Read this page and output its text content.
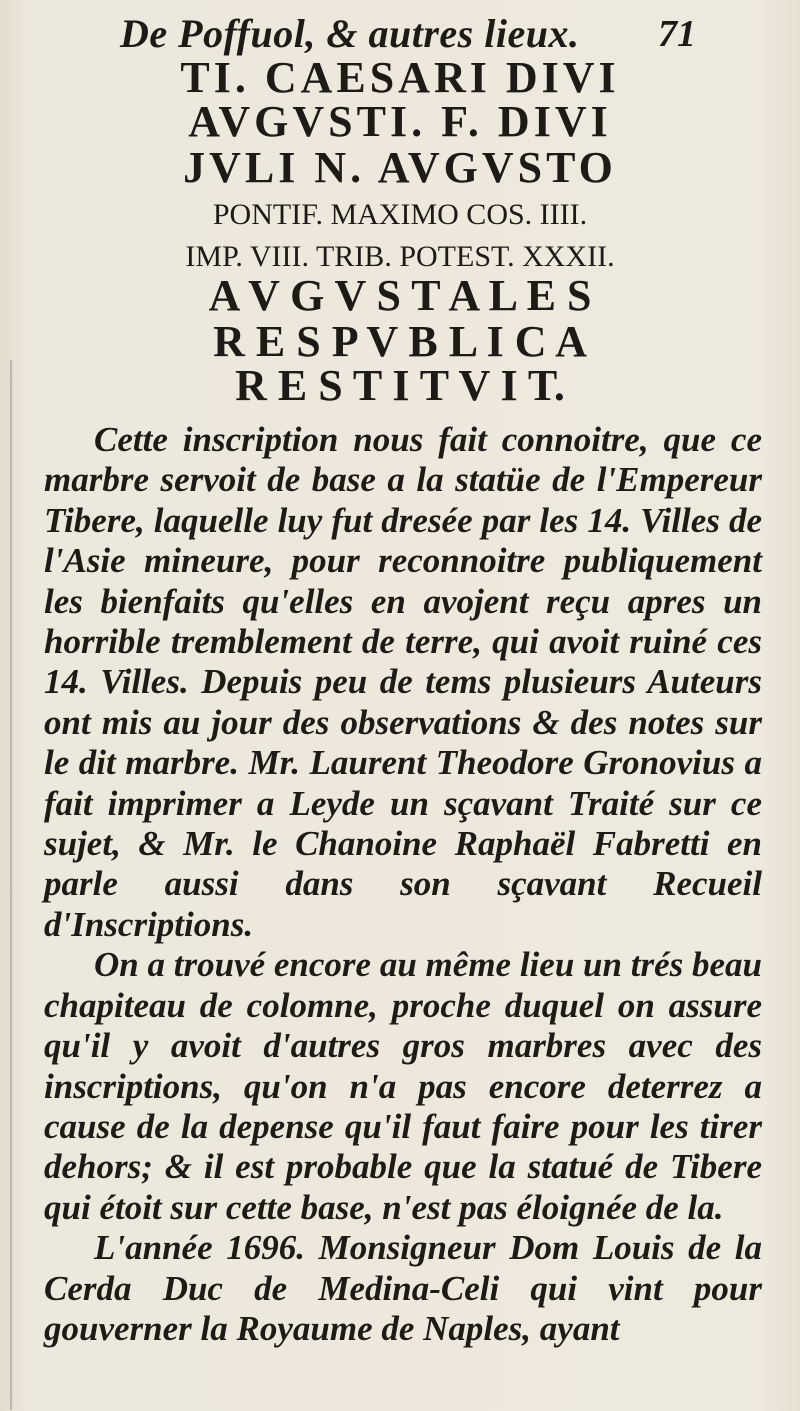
De Poffuol, & autres lieux. 71
TI. CAESARI DIVI
AVGVSTI. F. DIVI
JVLI N. AVGVSTO
PONTIF. MAXIMO COS. IIII.
IMP. VIII. TRIB. POTEST. XXXII.
A V G V S T A L E S
R E S P V B L I C A
R E S T I T V I T.

Cette inscription nous fait connoitre, que ce marbre servoit de base a la statüe de l'Empereur Tibere, laquelle luy fut dresée par les 14. Villes de l'Asie mineure, pour reconnoitre publiquement les bienfaits qu'elles en avojent reçu apres un horrible tremblement de terre, qui avoit ruiné ces 14. Villes. Depuis peu de tems plusieurs Auteurs ont mis au jour des observations & des notes sur le dit marbre. Mr. Laurent Theodore Gronovius a fait imprimer a Leyde un sçavant Traité sur ce sujet, & Mr. le Chanoine Raphaël Fabretti en parle aussi dans son sçavant Recueil d'Inscriptions.

On a trouvé encore au même lieu un trés beau chapiteau de colomne, proche duquel on assure qu'il y avoit d'autres gros marbres avec des inscriptions, qu'on n'a pas encore deterrez a cause de la depense qu'il faut faire pour les tirer dehors; & il est probable que la statué de Tibere qui étoit sur cette base, n'est pas éloignée de la.

L'année 1696. Monsigneur Dom Louis de la Cerda Duc de Medina-Celi qui vint pour gouverner la Royaume de Naples, ayant
